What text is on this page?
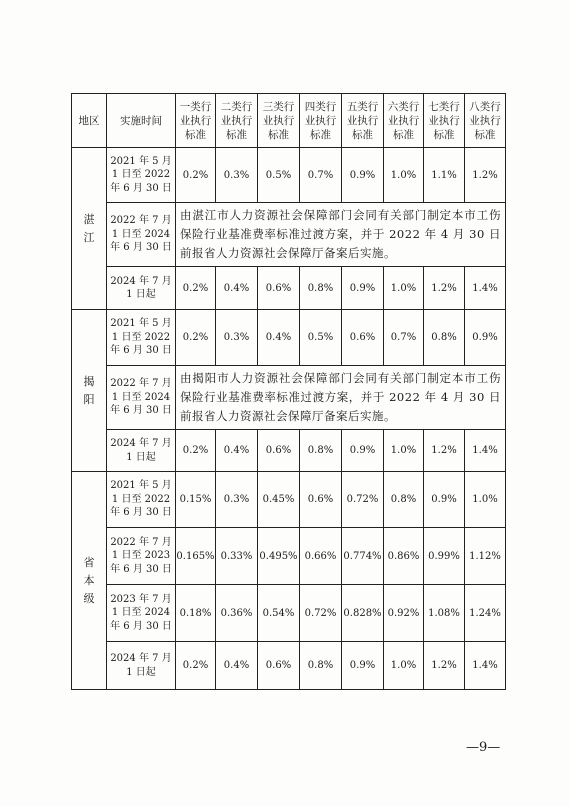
地区	实施时间	一类行业执行标准	二类行业执行标准	三类行业执行标准	四类行业执行标准	五类行业执行标准	六类行业执行标准	七类行业执行标准	八类行业执行标准
湛江	2021 年 5 月 1 日至 2022 年 6 月 30 日	0.2%	0.3%	0.5%	0.7%	0.9%	1.0%	1.1%	1.2%
	2022 年 7 月 1 日至 2024 年 6 月 30 日	由湛江市人力资源社会保障部门会同有关部门制定本市工伤保险行业基准费率标准过渡方案，并于 2022 年 4 月 30 日前报省人力资源社会保障厅备案后实施。							
	2024 年 7 月 1 日起	0.2%	0.4%	0.6%	0.8%	0.9%	1.0%	1.2%	1.4%
揭阳	2021 年 5 月 1 日至 2022 年 6 月 30 日	0.2%	0.3%	0.4%	0.5%	0.6%	0.7%	0.8%	0.9%
	2022 年 7 月 1 日至 2024 年 6 月 30 日	由揭阳市人力资源社会保障部门会同有关部门制定本市工伤保险行业基准费率标准过渡方案，并于 2022 年 4 月 30 日前报省人力资源社会保障厅备案后实施。							
	2024 年 7 月 1 日起	0.2%	0.4%	0.6%	0.8%	0.9%	1.0%	1.2%	1.4%
省本级	2021 年 5 月 1 日至 2022 年 6 月 30 日	0.15%	0.3%	0.45%	0.6%	0.72%	0.8%	0.9%	1.0%
	2022 年 7 月 1 日至 2023 年 6 月 30 日	0.165%	0.33%	0.495%	0.66%	0.774%	0.86%	0.99%	1.12%
	2023 年 7 月 1 日至 2024 年 6 月 30 日	0.18%	0.36%	0.54%	0.72%	0.828%	0.92%	1.08%	1.24%
	2024 年 7 月 1 日起	0.2%	0.4%	0.6%	0.8%	0.9%	1.0%	1.2%	1.4%
—9—
